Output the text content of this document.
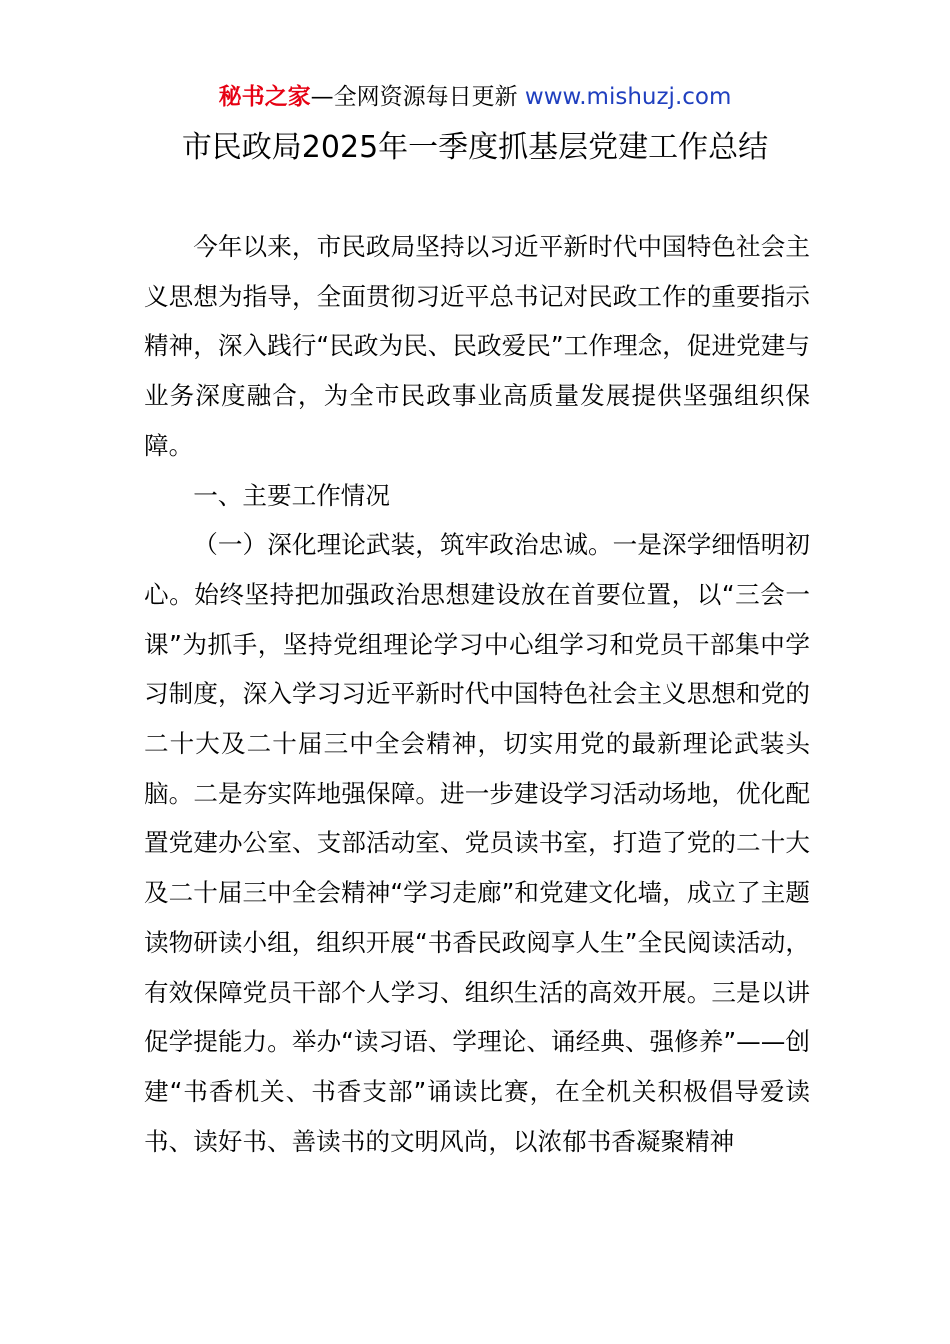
秘书之家—全网资源每日更新 www.mishuzj.com
市民政局2025年一季度抓基层党建工作总结

今年以来，市民政局坚持以习近平新时代中国特色社会主义思想为指导，全面贯彻习近平总书记对民政工作的重要指示精神，深入践行“民政为民、民政爱民”工作理念，促进党建与业务深度融合，为全市民政事业高质量发展提供坚强组织保障。

一、主要工作情况

（一）深化理论武装，筑牢政治忠诚。一是深学细悟明初心。始终坚持把加强政治思想建设放在首要位置，以“三会一课”为抓手，坚持党组理论学习中心组学习和党员干部集中学习制度，深入学习习近平新时代中国特色社会主义思想和党的二十大及二十届三中全会精神，切实用党的最新理论武装头脑。二是夯实阵地强保障。进一步建设学习活动场地，优化配置党建办公室、支部活动室、党员读书室，打造了党的二十大及二十届三中全会精神“学习走廊”和党建文化墙，成立了主题读物研读小组，组织开展“书香民政阅享人生”全民阅读活动，有效保障党员干部个人学习、组织生活的高效开展。三是以讲促学提能力。举办“读习语、学理论、诵经典、强修养”——创建“书香机关、书香支部”诵读比赛，在全机关积极倡导爱读书、读好书、善读书的文明风尚，以浓郁书香凝聚精神
